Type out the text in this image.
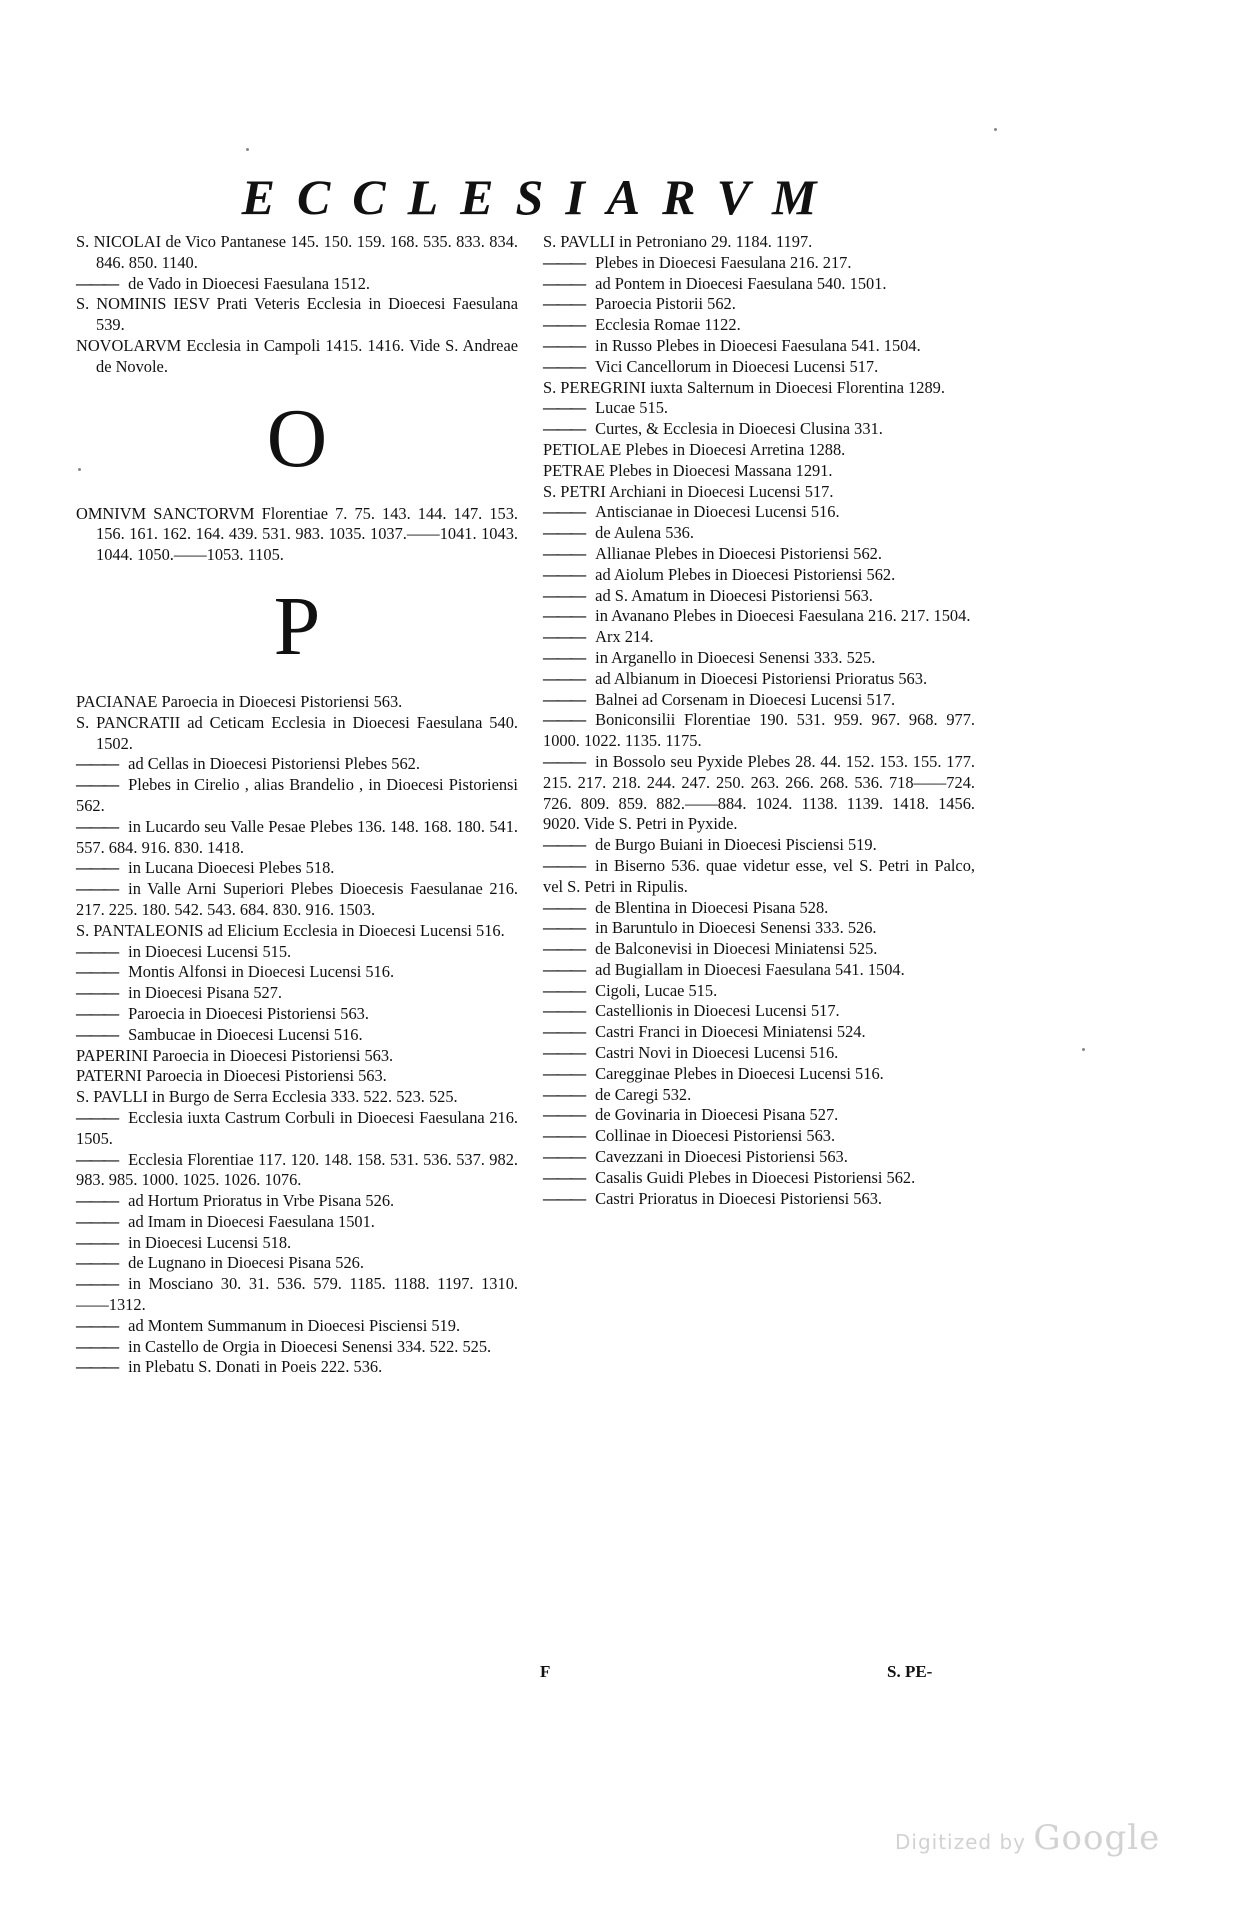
ECCLESIARVM

S. NICOLAI de Vico Pantanese 145. 150. 159. 168. 535. 833. 834. 846. 850. 1140.

——— de Vado in Dioecesi Faesulana 1512.

S. NOMINIS IESV Prati Veteris Ecclesia in Dioecesi Faesulana 539.

NOVOLARVM Ecclesia in Campoli 1415. 1416. Vide S. Andreae de Novole.

O

OMNIVM SANCTORVM Florentiae 7. 75. 143. 144. 147. 153. 156. 161. 162. 164. 439. 531. 983. 1035. 1037.——1041. 1043. 1044. 1050.——1053. 1105.

P

PACIANAE Paroecia in Dioecesi Pistoriensi 563.

S. PANCRATII ad Ceticam Ecclesia in Dioecesi Faesulana 540. 1502.

——— ad Cellas in Dioecesi Pistoriensi Plebes 562.

——— Plebes in Cirelio , alias Brandelio , in Dioecesi Pistoriensi 562.

——— in Lucardo seu Valle Pesae Plebes 136. 148. 168. 180. 541. 557. 684. 916. 830. 1418.

——— in Lucana Dioecesi Plebes 518.

——— in Valle Arni Superiori Plebes Dioecesis Faesulanae 216. 217. 225. 180. 542. 543. 684. 830. 916. 1503.

S. PANTALEONIS ad Elicium Ecclesia in Dioecesi Lucensi 516.

——— in Dioecesi Lucensi 515.

——— Montis Alfonsi in Dioecesi Lucensi 516.

——— in Dioecesi Pisana 527.

——— Paroecia in Dioecesi Pistoriensi 563.

——— Sambucae in Dioecesi Lucensi 516.

PAPERINI Paroecia in Dioecesi Pistoriensi 563.

PATERNI Paroecia in Dioecesi Pistoriensi 563.

S. PAVLLI in Burgo de Serra Ecclesia 333. 522. 523. 525.

——— Ecclesia iuxta Castrum Corbuli in Dioecesi Faesulana 216. 1505.

——— Ecclesia Florentiae 117. 120. 148. 158. 531. 536. 537. 982. 983. 985. 1000. 1025. 1026. 1076.

——— ad Hortum Prioratus in Vrbe Pisana 526.

——— ad Imam in Dioecesi Faesulana 1501.

——— in Dioecesi Lucensi 518.

——— de Lugnano in Dioecesi Pisana 526.

——— in Mosciano 30. 31. 536. 579. 1185. 1188. 1197. 1310.——1312.

——— ad Montem Summanum in Dioecesi Pisciensi 519.

——— in Castello de Orgia in Dioecesi Senensi 334. 522. 525.

——— in Plebatu S. Donati in Poeis 222. 536.

S. PAVLLI in Petroniano 29. 1184. 1197.

——— Plebes in Dioecesi Faesulana 216. 217.

——— ad Pontem in Dioecesi Faesulana 540. 1501.

——— Paroecia Pistorii 562.

——— Ecclesia Romae 1122.

——— in Russo Plebes in Dioecesi Faesulana 541. 1504.

——— Vici Cancellorum in Dioecesi Lucensi 517.

S. PEREGRINI iuxta Salternum in Dioecesi Florentina 1289.

——— Lucae 515.

——— Curtes, & Ecclesia in Dioecesi Clusina 331.

PETIOLAE Plebes in Dioecesi Arretina 1288.

PETRAE Plebes in Dioecesi Massana 1291.

S. PETRI Archiani in Dioecesi Lucensi 517.

——— Antiscianae in Dioecesi Lucensi 516.

——— de Aulena 536.

——— Allianae Plebes in Dioecesi Pistoriensi 562.

——— ad Aiolum Plebes in Dioecesi Pistoriensi 562.

——— ad S. Amatum in Dioecesi Pistoriensi 563.

——— in Avanano Plebes in Dioecesi Faesulana 216. 217. 1504.

——— Arx 214.

——— in Arganello in Dioecesi Senensi 333. 525.

——— ad Albianum in Dioecesi Pistoriensi Prioratus 563.

——— Balnei ad Corsenam in Dioecesi Lucensi 517.

——— Boniconsilii Florentiae 190. 531. 959. 967. 968. 977. 1000. 1022. 1135. 1175.

——— in Bossolo seu Pyxide Plebes 28. 44. 152. 153. 155. 177. 215. 217. 218. 244. 247. 250. 263. 266. 268. 536. 718——724. 726. 809. 859. 882.——884. 1024. 1138. 1139. 1418. 1456. 9020. Vide S. Petri in Pyxide.

——— de Burgo Buiani in Dioecesi Pisciensi 519.

——— in Biserno 536. quae videtur esse, vel S. Petri in Palco, vel S. Petri in Ripulis.

——— de Blentina in Dioecesi Pisana 528.

——— in Baruntulo in Dioecesi Senensi 333. 526.

——— de Balconevisi in Dioecesi Miniatensi 525.

——— ad Bugiallam in Dioecesi Faesulana 541. 1504.

——— Cigoli, Lucae 515.

——— Castellionis in Dioecesi Lucensi 517.

——— Castri Franci in Dioecesi Miniatensi 524.

——— Castri Novi in Dioecesi Lucensi 516.

——— Caregginae Plebes in Dioecesi Lucensi 516.

——— de Caregi 532.

——— de Govinaria in Dioecesi Pisana 527.

——— Collinae in Dioecesi Pistoriensi 563.

——— Cavezzani in Dioecesi Pistoriensi 563.

——— Casalis Guidi Plebes in Dioecesi Pistoriensi 562.

——— Castri Prioratus in Dioecesi Pistoriensi 563.

F	S. PE-
Digitized by Google
